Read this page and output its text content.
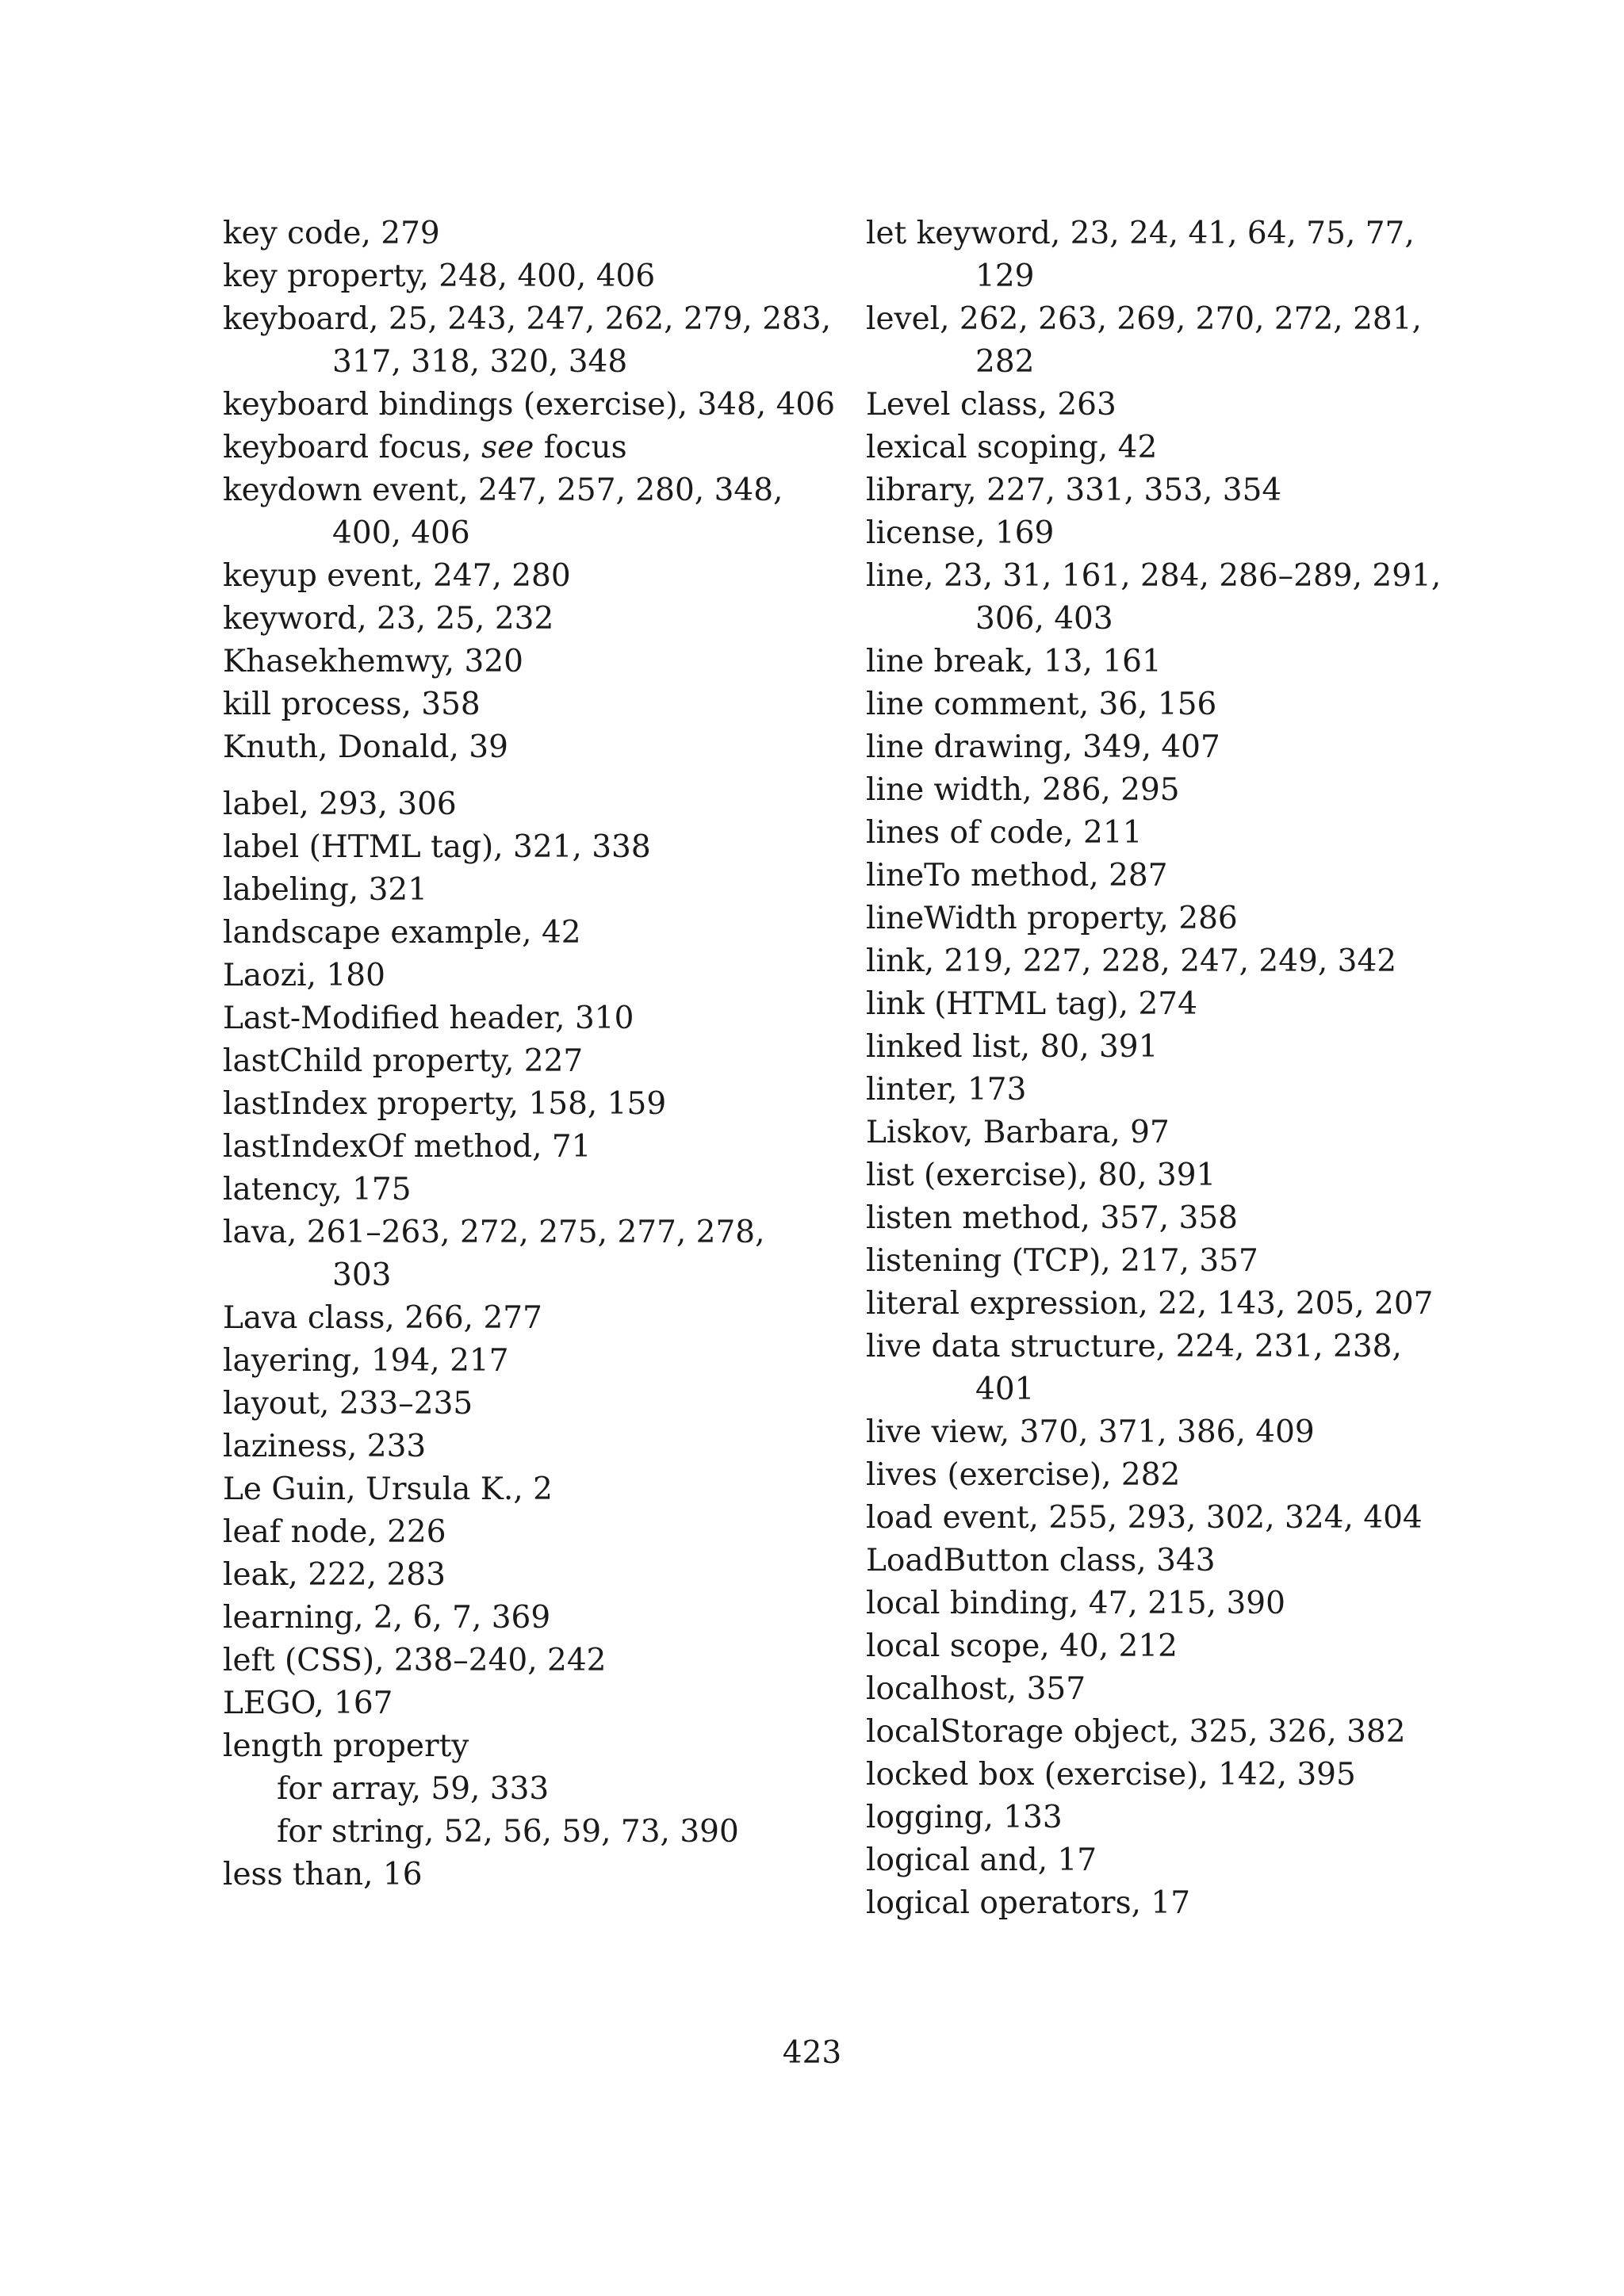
key code, 279
key property, 248, 400, 406
keyboard, 25, 243, 247, 262, 279, 283,
317, 318, 320, 348
keyboard bindings (exercise), 348, 406
keyboard focus, see focus
keydown event, 247, 257, 280, 348,
400, 406
keyup event, 247, 280
keyword, 23, 25, 232
Khasekhemwy, 320
kill process, 358
Knuth, Donald, 39
label, 293, 306
label (HTML tag), 321, 338
labeling, 321
landscape example, 42
Laozi, 180
Last-Modified header, 310
lastChild property, 227
lastIndex property, 158, 159
lastIndexOf method, 71
latency, 175
lava, 261–263, 272, 275, 277, 278,
303
Lava class, 266, 277
layering, 194, 217
layout, 233–235
laziness, 233
Le Guin, Ursula K., 2
leaf node, 226
leak, 222, 283
learning, 2, 6, 7, 369
left (CSS), 238–240, 242
LEGO, 167
length property
for array, 59, 333
for string, 52, 56, 59, 73, 390
less than, 16
let keyword, 23, 24, 41, 64, 75, 77,
129
level, 262, 263, 269, 270, 272, 281,
282
Level class, 263
lexical scoping, 42
library, 227, 331, 353, 354
license, 169
line, 23, 31, 161, 284, 286–289, 291,
306, 403
line break, 13, 161
line comment, 36, 156
line drawing, 349, 407
line width, 286, 295
lines of code, 211
lineTo method, 287
lineWidth property, 286
link, 219, 227, 228, 247, 249, 342
link (HTML tag), 274
linked list, 80, 391
linter, 173
Liskov, Barbara, 97
list (exercise), 80, 391
listen method, 357, 358
listening (TCP), 217, 357
literal expression, 22, 143, 205, 207
live data structure, 224, 231, 238,
401
live view, 370, 371, 386, 409
lives (exercise), 282
load event, 255, 293, 302, 324, 404
LoadButton class, 343
local binding, 47, 215, 390
local scope, 40, 212
localhost, 357
localStorage object, 325, 326, 382
locked box (exercise), 142, 395
logging, 133
logical and, 17
logical operators, 17
423
